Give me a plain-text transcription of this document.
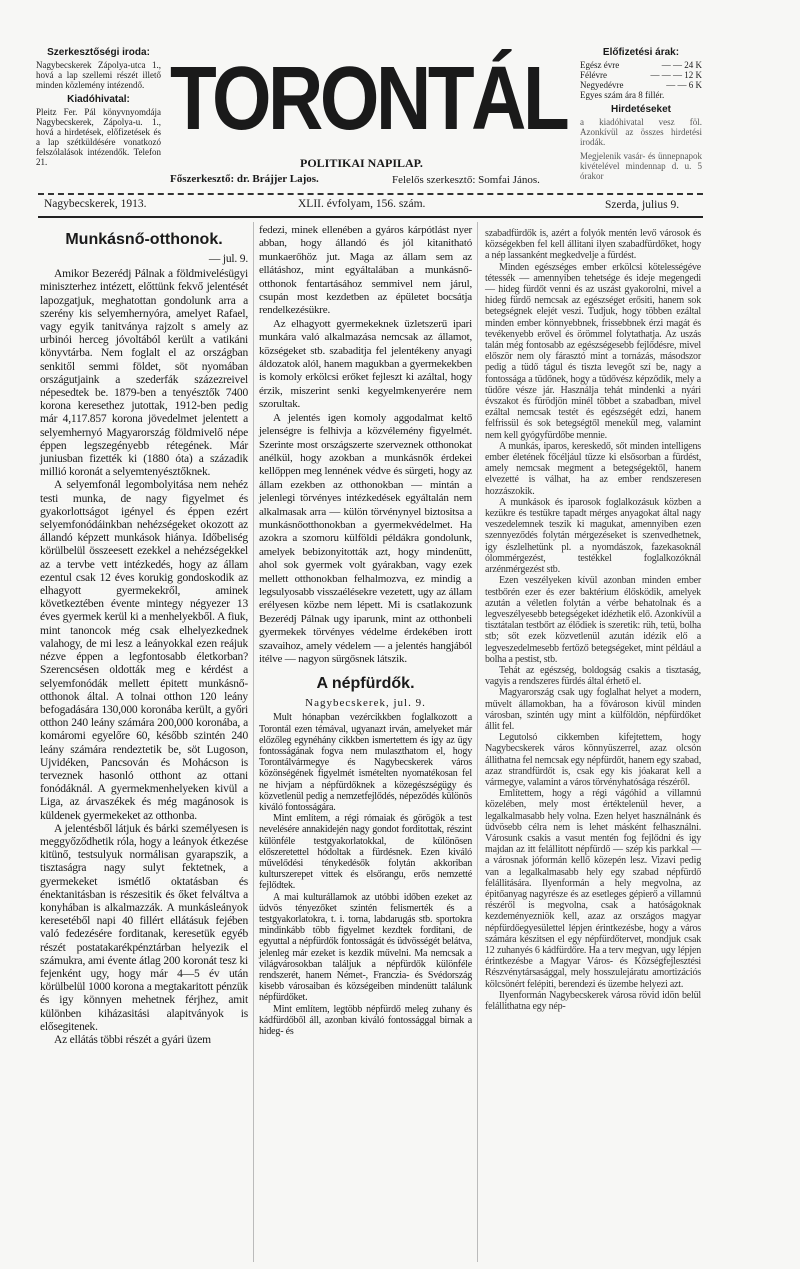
Szerkesztőségi iroda:
Nagybecskerek Zápolya-utca 1., hová a lap szellemi részét illető minden közlemény intézendő.
Kiadóhivatal:
Pleitz Fer. Pál könyvnyomdája Nagybecskerek, Zápolya-u. 1., hová a hirdetések, előfizetések és a lap szétküldésére vonatkozó felszólalások intézendők. Telefon 21.
TORONTÁL
POLITIKAI NAPILAP.
Főszerkesztő: dr. Brájjer Lajos.	Felelős szerkesztő: Somfai János.
Előfizetési árak:
Egész évre	— — 24 K
Félévre	— — — 12 K
Negyedévre	— — 6 K
Egyes szám ára 8 fillér.
Hirdetéseket
a kiadóhivatal vesz föl. Azonkívül az összes hirdetési irodák.
Megjelenik vasár- és ünnepnapok kivételével mindennap d. u. 5 órakor
Nagybecskerek, 1913.	XLII. évfolyam, 156. szám.	Szerda, julius 9.
Munkásnő-otthonok.
— jul. 9.

Amikor Bezerédj Pálnak a földmivelésügyi miniszterhez intézett, előttünk fekvő jelentését lapozgatjuk, meghatottan gondolunk arra a szerény kis selyemhernyóra, amelyet Rafael, vagy egyik tanitványa rajzolt s amely az urbinói herceg jóvoltából került a vatikáni könyvtárba. Nem foglalt el az országban senkitől semmi földet, söt nyomában országutjaink a szederfák százezreivel népesedtek be. 1879-ben a tenyésztők 7400 korona keresethez jutottak, 1912-ben pedig már 4,117.857 korona jövedelmet jelentett a selyemhernyó Magyarország földmivelő népe éppen legszegényebb rétegének. Már juniusban fizették ki (1880 óta) a századik millió koronát a selyemtenyésztőknek.

A selyemfonál legombolyitása nem nehéz testi munka, de nagy figyelmet és gyakorlottságot igényel és éppen ezért selyemfonódáinkban nehézségeket okozott az állandó képzett munkások hiánya. Időbeliség körülbelül összeesett ezekkel a nehézségekkel az a tervbe vett intézkedés, hogy az állam ezentul csak 12 éves korukig gondoskodik az elhagyott gyermekekről, aminek következtében évente mintegy négyezer 13 éves gyermek kerül ki a menhelyekből. A fiuk, mint tanoncok még csak elhelyezkednek valahogy, de mi lesz a leányokkal ezen reájuk nézve éppen a legfontosabb életkorban? Szerencsésen oldották meg e kérdést a selyemfonódák mellett épitett munkásnő-otthonok által. A tolnai otthon 120 leány befogadására 130,000 koronába került, a győri otthon 240 leány számára 200,000 koronába, a komáromi egyelőre 60, később szintén 240 leány számára rendeztetik be, söt Lugoson, Ujvidéken, Pancsován és Mohácson is terveznek hasonló otthont az ottani fonódáknál. A gyermekmenhelyeken kivül a Liga, az árvaszékek és még magánosok is küldenek gyermekeket az otthonba.

A jelentésből látjuk és bárki személyesen is meggyőződhetik róla, hogy a leányok étkezése kitünő, testsulyuk normálisan gyarapszik, a tisztaságra nagy sulyt fektetnek, a gyermekeket ismétlő oktatásban és énektanitásban is részesitik és őket felváltva a konyhában is alkalmazzák. A munkásleányok keresetéből napi 40 fillért ellátásuk fejében való fedezésére forditanak, keresetük egyéb részét postatakarékpénztárban helyezik el számukra, ami évente átlag 200 koronát tesz ki fejenként ugy, hogy már 4—5 év után körülbelül 1000 korona a megtakaritott pénzük és igy könnyen mehetnek férjhez, amit különben kiházasitási alapitványok is elősegitenek.

Az ellátás többi részét a gyári üzem

fedezi, minek ellenében a gyáros kárpótlást nyer abban, hogy állandó és jól kitanitható munkaerőhöz jut. Maga az állam sem az ellátáshoz, mint egyáltalában a munkásnő-otthonok fentartásához semmivel nem járul, csupán most kezdetben az épületet bocsátja rendelkezésükre.

Az elhagyott gyermekeknek üzletszerű ipari munkára való alkalmazása nemcsak az államot, községeket stb. szabaditja fel jelentékeny anyagi áldozatok alól, hanem magukban a gyermekekben is komoly erkölcsi erőket fejleszt ki azáltal, hogy érzik, miszerint senki kegyelmkenyerére nem szorultak.

A jelentés igen komoly aggodalmat keltő jelenségre is felhivja a közvélemény figyelmét. Szerinte most országszerte szerveznek otthonokat anélkül, hogy azokban a munkásnők érdekei kellőppen meg lennének védve és sürgeti, hogy az állam ezekben az otthonokban — mintán a jelenlegi törvényes intézkedések egyáltalán nem alkalmasak arra — külön törvénynyel biztositsa a munkásnőotthonokban a gyermekvédelmet. Ha azokra a szomoru külföldi példákra gondolunk, amelyek bebizonyitották azt, hogy mindenütt, ahol sok gyermek volt gyárakban, vagy ezek mellett otthonokban felhalmozva, ez mindig a legsulyosabb visszaélésekre vezetett, ugy az állam erélyesen közbe nem lépett. Mi is csatlakozunk Bezerédj Pálnak ugy iparunk, mint az otthonbeli gyermekek törvényes védelme érdekében irott szavaihoz, amely védelem — a jelentés hangjából itélve — nagyon sürgősnek látszik.

A népfürdők.
Nagybecskerek, jul. 9.

Mult hónapban vezércikkben foglalkozott a Torontál ezen témával, ugyanazt irván, amelyeket már előzőleg egynéhány cikkben ismertettem és igy az ügy fontosságának fogva nem mulaszthatom el, hogy Torontálvármegye és Nagybecskerek város közönségének figyelmét ismételten nyomatékosan fel ne hivjam a népfürdőknek a közegészségügy és közvetlenül pedig a nemzetfejlődés, népeződés különös kiváló fontosságára.

Mint említem, a régi rómaiak és görögök a test nevelésére annakidején nagy gondot forditottak, részint különféle testgyakorlatokkal, de különösen előszeretettel hódoltak a fürdésnek. Ezen kiváló művelődési ténykedésők folytán akkoriban kulturszerepet vittek és elsőrangu, erős nemzetté fejlődtek.

A mai kulturállamok az utóbbi időben ezeket az üdvös tényezőket szintén felismerték és a testgyakorlatokra, t. i. torna, labdarugás stb. sportokra mindinkább több figyelmet kezdtek forditani, de egyuttal a népfürdők fontosságát és üdvösségét belátva, jelenleg már ezeket is kezdik művelni. Ma nemcsak a világvárosokban találjuk a népfürdők különféle rendszerét, hanem Német-, Franczia- és Svédország kisebb városaiban és községeiben mindenütt találunk népfürdőket.

Mint említem, legtöbb népfürdő meleg zuhany és kádfürdőből áll, azonban kiváló fontossággal birnak a hideg- és

szabadfürdők is, azért a folyók mentén levő városok és községekben fel kell állitani ilyen szabadfürdőket, hogy a nép lassanként megkedvelje a fürdést.

Minden egészséges ember erkölcsi kötelességéve tétessék — amennyiben tehetsége és ideje megengedi — hideg fürdőt venni és az uszást gyakorolni, mivel a hideg fürdő nemcsak az egészséget erősiti, hanem sok betegségnek elejét veszi. Tudjuk, hogy többen ezáltal minden ember könnyebbnek, frissebbnek érzi magát és tevékenyebb erővel és örömmel folytathatja. Az uszás talán még fontosabb az egészségesebb fejlődésre, mivel először nem oly fárasztó mint a tornázás, másodszor pedig a tüdő tágul és tiszta levegőt szí be, nagy a fontossága a tüdőnek, hogy a tüdővész képződik, mely a tüdőre vésze jár. Használja tehát mindenki a nyári évszakot és fürödjön minél többet a szabadban, mivel ezáltal nemcsak testét és egészségét edzi, hanem felfrissül és sok betegségtől menekül meg, valamint nem kell gyógyfürdőbe mennie.

A munkás, iparos, kereskedő, sőt minden intelligens ember életének főcéljául tűzze ki elsősorban a fürdést, amely nemcsak megment a betegségektől, hanem elvezetté is válhat, ha az ember rendszeresen hozzászokik.

A munkások és iparosok foglalkozásuk közben a kezükre és testükre tapadt mérges anyagokat által nagy veszedelemnek teszik ki magukat, amennyiben ezen szennyeződés folytán mérgezéseket is szenvedhetnek, igy észlelhetünk pl. a nyomdászok, fazekasoknál ólommérgezést, testékkel foglalkozóknál arzénmérgezést stb.

Ezen veszélyeken kívül azonban minden ember testbőrén ezer és ezer baktérium élősködik, amelyek azután a véletlen folytán a vérbe behatolnak és a legveszélyesebb betegségeket idézhetik elő. Azonkívül a tisztátalan testbőrt az élődiek is szeretik: rüh, tetü, bolha stb; sőt ezek közvetlenül azután idézik elő a legveszedelmesebb fertőző betegségeket, mint például a bolha a pestist, stb.

Tehát az egészség, boldogság csakis a tisztaság, vagyis a rendszeres fürdés által érhető el.

Magyarország csak ugy foglalhat helyet a modern, művelt államokban, ha a fővároson kivül minden városban, szintén ugy mint a külföldön, népfürdőket állit fel.

Legutolsó cikkemben kifejtettem, hogy Nagybecskerek város könnyüszerrel, azaz olcsón állithatna fel nemcsak egy népfürdőt, hanem egy szabad, azaz strandfürdőt is, csak egy kis jóakarat kell a vármegye, valamint a város törvényhatósága részéről.

Említettem, hogy a régi vágóhid a villamnú közelében, mely most értéktelenül hever, a legalkalmasabb hely volna. Ezen helyet használnánk és üdvösebb célra nem is lehet másként felhasználni. Városunk csakis a vasut mentén fog fejlődni és igy majdan az itt felállitott népfürdő — szép kis parkkal — a városnak jóformán kellő közepén lesz. Vizavi pedig van a legalkalmasabb hely egy szabad népfürdő felállitására. Ilyenformán a hely megvolna, az épitőanyag nagyrésze és az esetleges gépierő a villamnú részéről is megvolna, csak a hatóságoknak kezdeményezniök kell, azaz az országos magyar népfürdőegyesülettel lépjen érintkezésbe, hogy a város számára készitsen el egy népfürdőtervet, mondjuk csak 12 zuhanyés 6 kádfürdőre. Ha a terv megvan, ugy lépjen érintkezésbe a Magyar Város- és Községfejlesztési Részvénytársasággal, mely hosszulejáratu amortizációs kölcsönért felépiti, berendezi és üzembe helyezi azt.

Ilyenformán Nagybecskerek városa rövid idön belül felállithatna egy nép-
